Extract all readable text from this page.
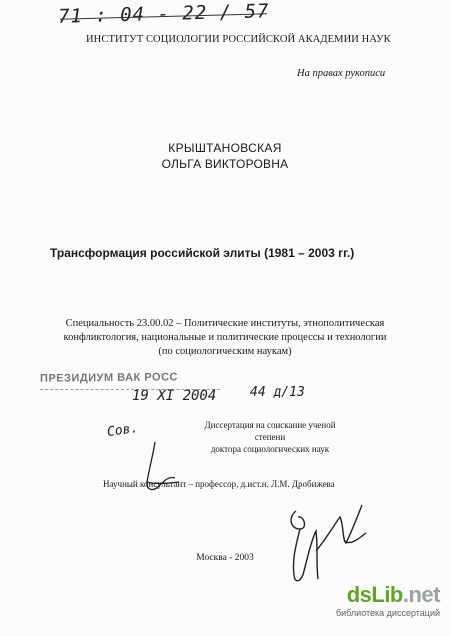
71 : 04 - 22 / 57
ИНСТИТУТ СОЦИОЛОГИИ РОССИЙСКОЙ АКАДЕМИИ НАУК
На правах рукописи
КРЫШТАНОВСКАЯ
ОЛЬГА ВИКТОРОВНА
Трансформация российской элиты (1981 – 2003 гг.)
Специальность 23.00.02 – Политические институты, этнополитическая конфликтология, национальные и политические процессы и технологии (по социологическим наукам)
ПРЕЗИДИУМ ВАК РОСС
19 XI 2004	44 д/13
Сов.	Диссертация на соискание ученой степени
доктора социологических наук
Научный консультант – профессор, д.ист.н. Л.М. Дробижева
Москва - 2003
dsLib.net
библиотека диссертаций
